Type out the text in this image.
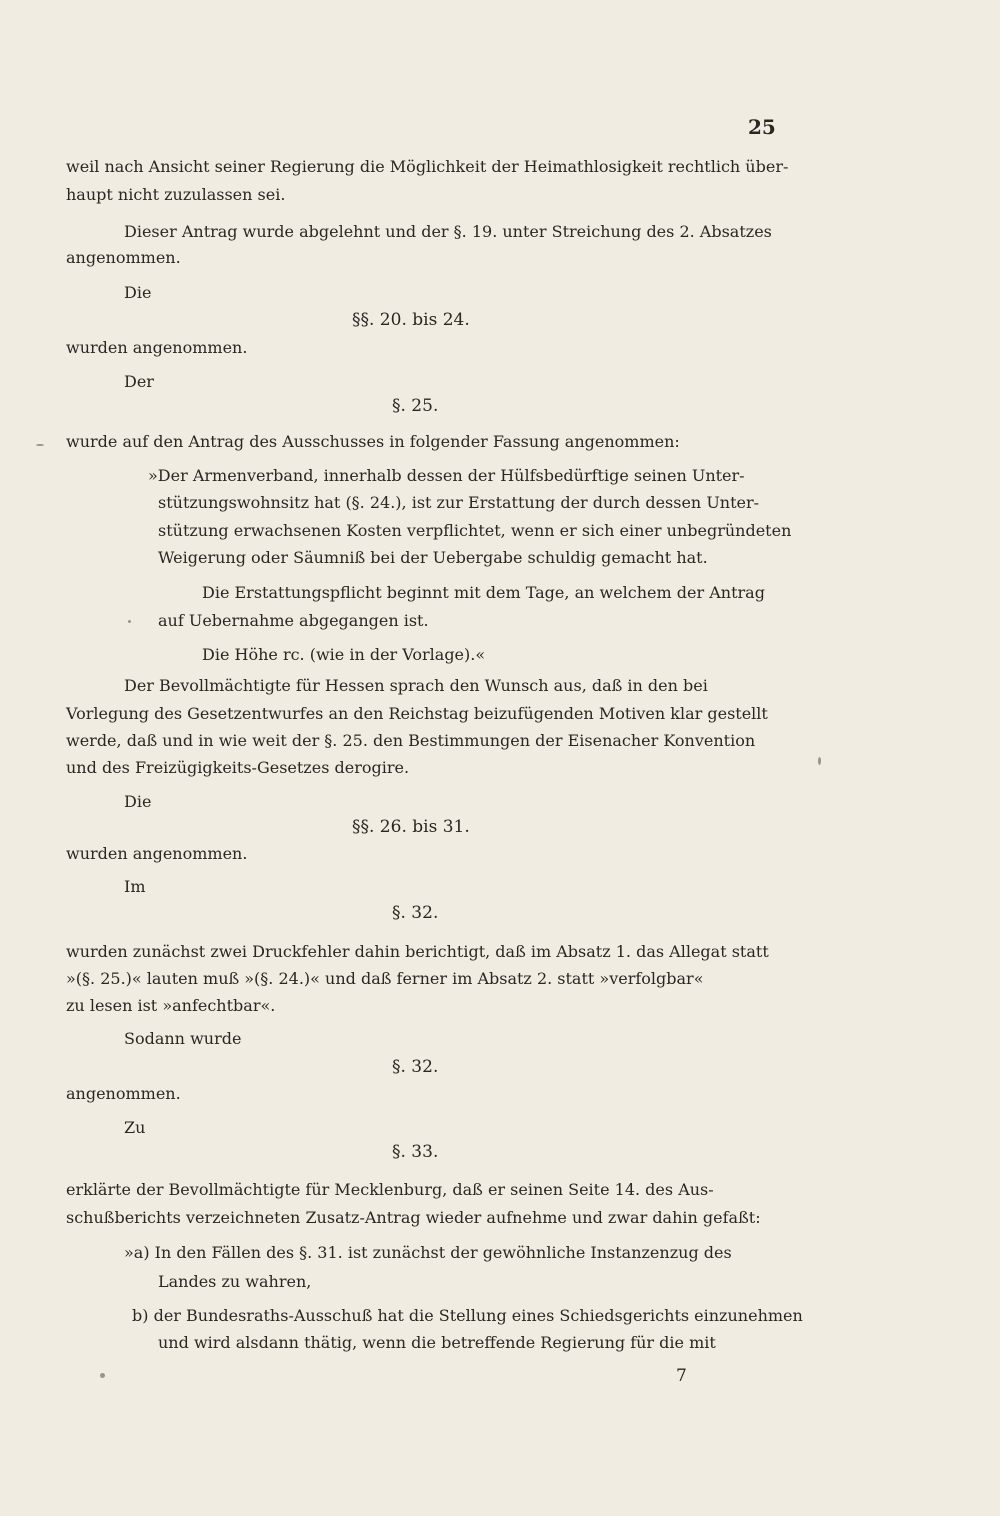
25
weil nach Ansicht seiner Regierung die Möglichkeit der Heimathlosigkeit rechtlich über-
haupt nicht zuzulassen sei.
Dieser Antrag wurde abgelehnt und der §. 19. unter Streichung des 2. Absatzes
angenommen.
Die
§§. 20. bis 24.
wurden angenommen.
Der
§. 25.
wurde auf den Antrag des Ausschusses in folgender Fassung angenommen:
»Der Armenverband, innerhalb dessen der Hülfsbedürftige seinen Unter-
stützungswohnsitz hat (§. 24.), ist zur Erstattung der durch dessen Unter-
stützung erwachsenen Kosten verpflichtet, wenn er sich einer unbegründeten
Weigerung oder Säumniß bei der Uebergabe schuldig gemacht hat.
Die Erstattungspflicht beginnt mit dem Tage, an welchem der Antrag
auf Uebernahme abgegangen ist.
Die Höhe rc. (wie in der Vorlage).«
Der Bevollmächtigte für Hessen sprach den Wunsch aus, daß in den bei
Vorlegung des Gesetzentwurfes an den Reichstag beizufügenden Motiven klar gestellt
werde, daß und in wie weit der §. 25. den Bestimmungen der Eisenacher Konvention
und des Freizügigkeits-Gesetzes derogire.
Die
§§. 26. bis 31.
wurden angenommen.
Im
§. 32.
wurden zunächst zwei Druckfehler dahin berichtigt, daß im Absatz 1. das Allegat statt
»(§. 25.)« lauten muß »(§. 24.)« und daß ferner im Absatz 2. statt »verfolgbar«
zu lesen ist »anfechtbar«.
Sodann wurde
§. 32.
angenommen.
Zu
§. 33.
erklärte der Bevollmächtigte für Mecklenburg, daß er seinen Seite 14. des Aus-
schußberichts verzeichneten Zusatz-Antrag wieder aufnehme und zwar dahin gefaßt:
»a) In den Fällen des §. 31. ist zunächst der gewöhnliche Instanzenzug des
Landes zu wahren,
b) der Bundesraths-Ausschuß hat die Stellung eines Schiedsgerichts einzunehmen
und wird alsdann thätig, wenn die betreffende Regierung für die mit
7
